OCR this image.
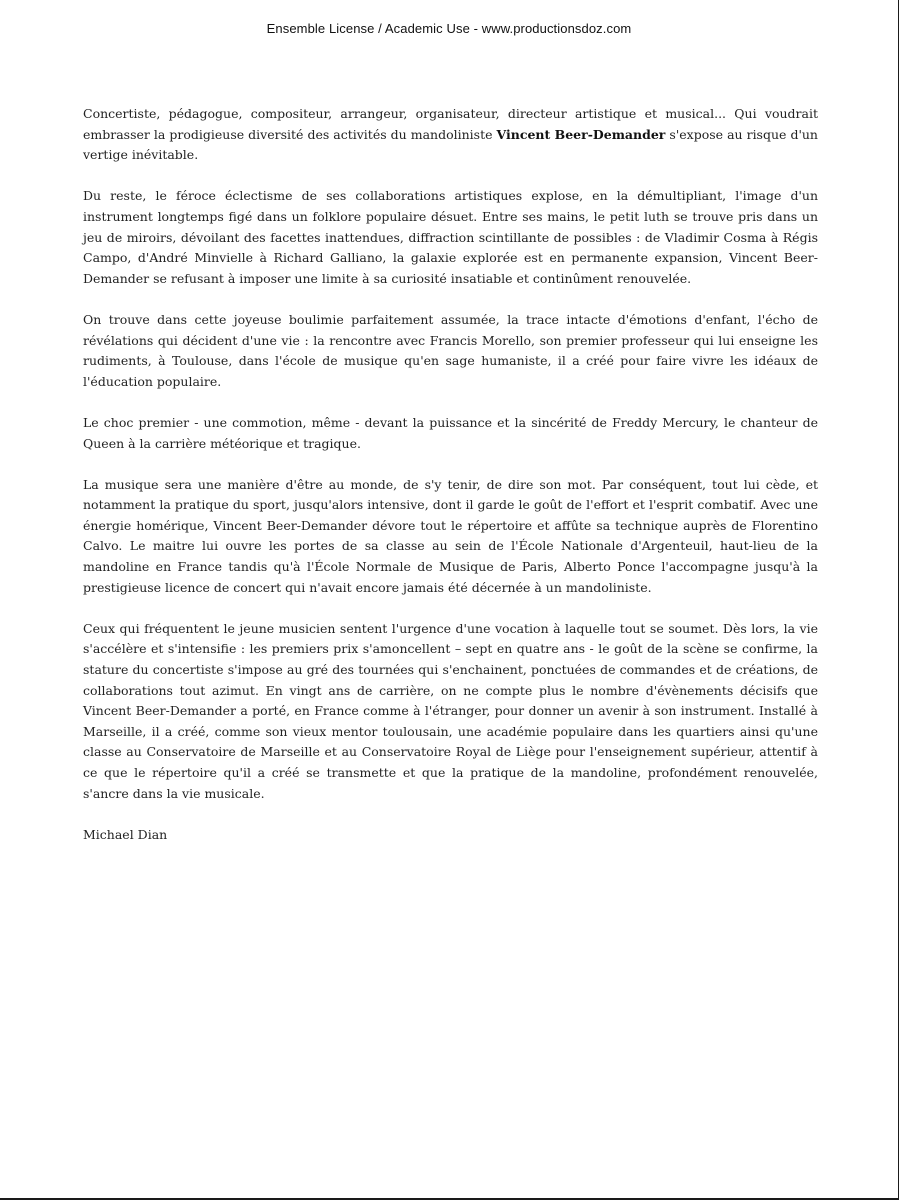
Ensemble License / Academic Use - www.productionsdoz.com

Concertiste, pédagogue, compositeur, arrangeur, organisateur, directeur artistique et musical... Qui voudrait embrasser la prodigieuse diversité des activités du mandoliniste Vincent Beer-Demander s'expose au risque d'un vertige inévitable.

Du reste, le féroce éclectisme de ses collaborations artistiques explose, en la démultipliant, l'image d'un instrument longtemps figé dans un folklore populaire désuet. Entre ses mains, le petit luth se trouve pris dans un jeu de miroirs, dévoilant des facettes inattendues, diffraction scintillante de possibles : de Vladimir Cosma à Régis Campo, d'André Minvielle à Richard Galliano, la galaxie explorée est en permanente expansion, Vincent Beer-Demander se refusant à imposer une limite à sa curiosité insatiable et continûment renouvelée.

On trouve dans cette joyeuse boulimie parfaitement assumée, la trace intacte d'émotions d'enfant, l'écho de révélations qui décident d'une vie : la rencontre avec Francis Morello, son premier professeur qui lui enseigne les rudiments, à Toulouse, dans l'école de musique qu'en sage humaniste, il a créé pour faire vivre les idéaux de l'éducation populaire.

Le choc premier - une commotion, même - devant la puissance et la sincérité de Freddy Mercury, le chanteur de Queen à la carrière météorique et tragique.

La musique sera une manière d'être au monde, de s'y tenir, de dire son mot. Par conséquent, tout lui cède, et notamment la pratique du sport, jusqu'alors intensive, dont il garde le goût de l'effort et l'esprit combatif. Avec une énergie homérique, Vincent Beer-Demander dévore tout le répertoire et affûte sa technique auprès de Florentino Calvo. Le maitre lui ouvre les portes de sa classe au sein de l'École Nationale d'Argenteuil, haut-lieu de la mandoline en France tandis qu'à l'École Normale de Musique de Paris, Alberto Ponce l'accompagne jusqu'à la prestigieuse licence de concert qui n'avait encore jamais été décernée à un mandoliniste.

Ceux qui fréquentent le jeune musicien sentent l'urgence d'une vocation à laquelle tout se soumet. Dès lors, la vie s'accélère et s'intensifie : les premiers prix s'amoncellent – sept en quatre ans - le goût de la scène se confirme, la stature du concertiste s'impose au gré des tournées qui s'enchainent, ponctuées de commandes et de créations, de collaborations tout azimut. En vingt ans de carrière, on ne compte plus le nombre d'évènements décisifs que Vincent Beer-Demander a porté, en France comme à l'étranger, pour donner un avenir à son instrument. Installé à Marseille, il a créé, comme son vieux mentor toulousain, une académie populaire dans les quartiers ainsi qu'une classe au Conservatoire de Marseille et au Conservatoire Royal de Liège pour l'enseignement supérieur, attentif à ce que le répertoire qu'il a créé se transmette et que la pratique de la mandoline, profondément renouvelée, s'ancre dans la vie musicale.

Michael Dian
